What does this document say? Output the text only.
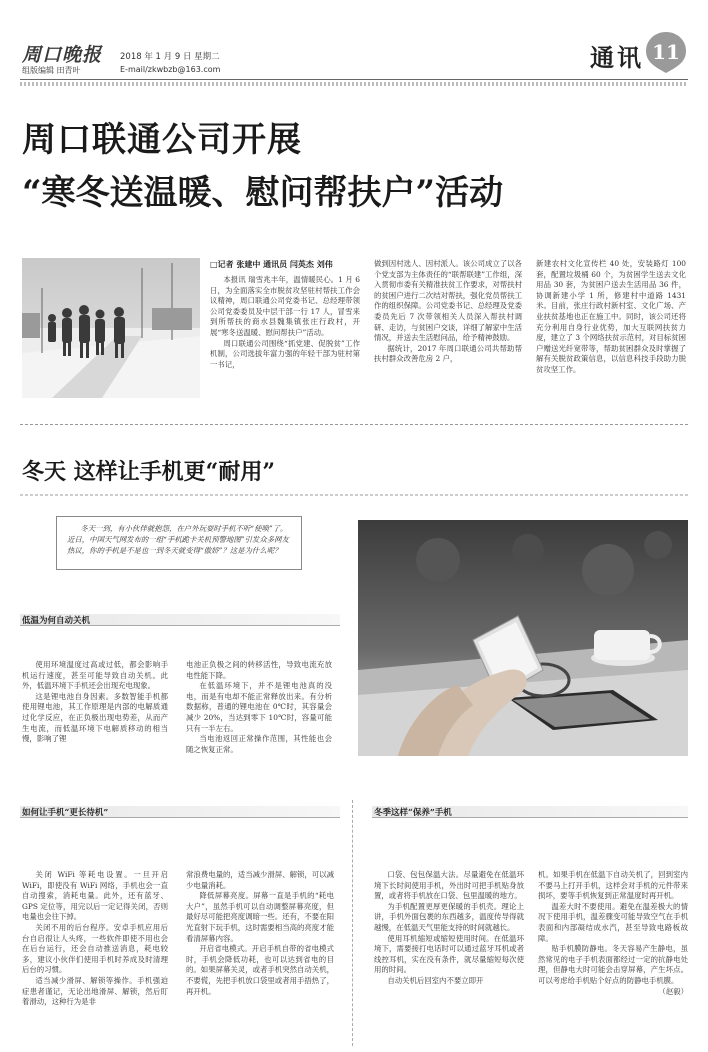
周口晚报 2018 年 1 月 9 日 星期二
组版编辑 田青叶	E-mail/zkwbzb@163.com	通讯 11
周口联通公司开展
“寒冬送温暖、慰问帮扶户”活动
□记者 张建中 通讯员 闫英杰 刘伟

本报讯 瑞雪兆丰年，温情暖民心。1 月 6 日，为全面落实全市脱贫攻坚驻村帮扶工作会议精神，周口联通公司党委书记、总经理带领公司党委委员及中层干部一行 17 人，冒雪来到所帮扶的商水县魏集镇张庄行政村，开展“寒冬送温暖、慰问帮扶户”活动。

周口联通公司围绕“抓党建、促脱贫”工作机制，公司选拔年富力强的年轻干部为驻村第一书记，

做到因村选人、因村派人。该公司成立了以各个党支部为主体责任的“联帮联建”工作组，深入贯彻市委有关精准扶贫工作要求，对帮扶村的贫困户进行二次结对帮扶，强化党员帮扶工作的组织保障。公司党委书记、总经理及党委委员先后 7 次带领相关人员深入帮扶村调研、走访，与贫困户交谈，详细了解家中生活情况，并送去生活慰问品，给予精神鼓励。

据统计，2017 年周口联通公司共帮助帮扶村群众改善危房 2 户，

新建农村文化宣传栏 40 处，安装路灯 100 套，配置垃圾桶 60 个，为贫困学生送去文化用品 30 套，为贫困户送去生活用品 36 件，协调新建小学 1 所，修建村中道路 1431 米。目前，张庄行政村新村室、文化广场、产业扶贫基地也正在施工中。同时，该公司还将充分利用自身行业优势，加大互联网扶贫力度，建立了 3 个网络扶贫示范村，对目标贫困户赠送光纤宽带等，帮助贫困群众及时掌握了解有关脱贫政策信息，以信息科技手段助力脱贫攻坚工作。

冬天 这样让手机更“耐用”
冬天一到，有小伙伴就抱怨，在户外玩耍时手机不听“使唤”了。近日，中国天气网发布的一组“手机跪卡关机预警地图”引发众多网友热议，你的手机是不是也一到冬天就变得“傲娇”？这是为什么呢？
低温为何自动关机

使用环境温度过高或过低，都会影响手机运行速度，甚至可能导致自动关机。此外，低温环境下手机还会出现充电现象。

这是锂电池自身因素。多数智能手机都使用锂电池，其工作原理是内部的电解质通过化学反应，在正负极出现电势差，从而产生电流，而低温环境下电解质移动的相当慢，影响了锂

电池正负极之间的转移活性，导致电流充放电性能下降。

在低温环境下，并不是锂电池真的没电，而是有电却不能正常释放出来。有分析数据称，普通的锂电池在 0℃时，其容量会减少 20%，当达到零下 10℃时，容量可能只有一半左右。

当电池返回正常操作范围，其性能也会随之恢复正常。

如何让手机“更长待机”

关闭 WiFi 等耗电设置。一旦开启 WiFi，即使没有 WiFi 网络，手机也会一直自动搜索，消耗电量。此外，还有蓝牙、GPS 定位等，用完以后一定记得关闭，否则电量也会往下掉。

关闭不用的后台程序。安卓手机应用后台自启很让人头疼，一些软件即使不用也会在后台运行，还会自动推送消息，耗电较多，建议小伙伴们使用手机时养成及时清理后台的习惯。

适当减少滑屏、解锁等操作。手机强迫症患者谨记，无论出地滑屏、解锁，然后盯着滑动，这种行为是非

常浪费电量的，适当减少滑屏、解锁，可以减少电量消耗。

降低屏幕亮度。屏幕一直是手机的“耗电大户”，虽然手机可以自动调整屏幕亮度，但最好尽可能把亮度调暗一些。还有，不要在阳光直射下玩手机，这时需要相当高的亮度才能看清屏幕内容。

开启省电模式。开启手机自带的省电模式时，手机会降低功耗，也可以达到省电的目的。如果屏幕关灵，或者手机突然自动关机，不要慌，先把手机放口袋里或者用手捂热了，再开机。

冬季这样“保养”手机

口袋、包包保温大法。尽量避免在低温环境下长时间使用手机，外出时可把手机贴身放置，或者将手机放在口袋、包里温暖的地方。

为手机配置更厚更保暖的手机壳。理论上讲，手机外面包裹的东西越多，温度传导得就越慢，在低温天气里能支持的时间就越长。

使用耳机缩短或缩短使用时间。在低温环境下，需要接打电话时可以通过蓝牙耳机或者线控耳机，实在没有条件，就尽量缩短每次使用的时间。

自动关机后回室内不要立即开

机。如果手机在低温下自动关机了，回到室内不要马上打开手机，这样会对手机的元件带来损坏，要等手机恢复到正常温度时再开机。

温差大时不要使用。避免在温差极大的情况下使用手机，温差骤变可能导致空气在手机表面和内部凝结成水汽，甚至导致电路板故障。

贴手机膜防静电。冬天容易产生静电，虽然常见的电子手机表面都经过一定的抗静电处理，但静电大时可能会击穿屏幕，产生坏点。可以考虑给手机贴个好点的防静电手机膜。

（赵毅）
